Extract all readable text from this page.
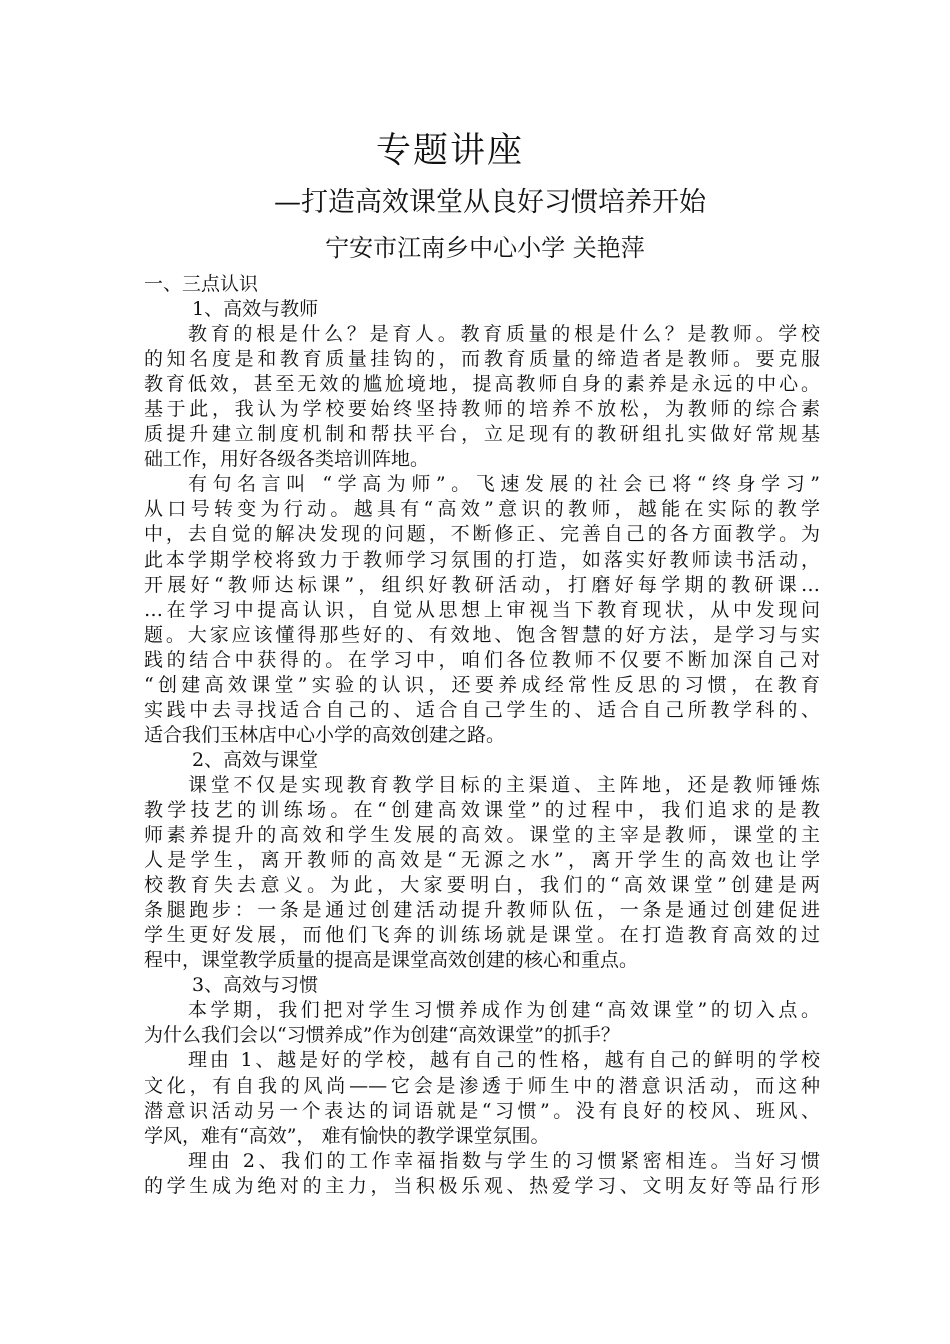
专题讲座
—打造高效课堂从良好习惯培养开始
宁安市江南乡中心小学 关艳萍
一、三点认识
1、高效与教师
教育的根是什么？是育人。教育质量的根是什么？是教师。学校
的知名度是和教育质量挂钩的，而教育质量的缔造者是教师。要克服
教育低效，甚至无效的尴尬境地，提高教师自身的素养是永远的中心。
基于此，我认为学校要始终坚持教师的培养不放松，为教师的综合素
质提升建立制度机制和帮扶平台，立足现有的教研组扎实做好常规基
础工作，用好各级各类培训阵地。
有句名言叫 “学高为师”。飞速发展的社会已将“终身学习”
从口号转变为行动。越具有“高效”意识的教师，越能在实际的教学
中，去自觉的解决发现的问题，不断修正、完善自己的各方面教学。为
此本学期学校将致力于教师学习氛围的打造，如落实好教师读书活动，
开展好“教师达标课”，组织好教研活动，打磨好每学期的教研课…
…在学习中提高认识，自觉从思想上审视当下教育现状，从中发现问
题。大家应该懂得那些好的、有效地、饱含智慧的好方法，是学习与实
践的结合中获得的。在学习中，咱们各位教师不仅要不断加深自己对
“创建高效课堂”实验的认识，还要养成经常性反思的习惯，在教育
实践中去寻找适合自己的、适合自己学生的、适合自己所教学科的、
适合我们玉林店中心小学的高效创建之路。
2、高效与课堂
课堂不仅是实现教育教学目标的主渠道、主阵地，还是教师锤炼
教学技艺的训练场。在“创建高效课堂”的过程中，我们追求的是教
师素养提升的高效和学生发展的高效。课堂的主宰是教师，课堂的主
人是学生，离开教师的高效是“无源之水”，离开学生的高效也让学
校教育失去意义。为此，大家要明白，我们的“高效课堂”创建是两
条腿跑步：一条是通过创建活动提升教师队伍，一条是通过创建促进
学生更好发展，而他们飞奔的训练场就是课堂。在打造教育高效的过
程中，课堂教学质量的提高是课堂高效创建的核心和重点。
3、高效与习惯
本学期，我们把对学生习惯养成作为创建“高效课堂”的切入点。
为什么我们会以“习惯养成”作为创建“高效课堂”的抓手？
理由 1、越是好的学校，越有自己的性格，越有自己的鲜明的学校
文化，有自我的风尚——它会是渗透于师生中的潜意识活动，而这种
潜意识活动另一个表达的词语就是“习惯”。没有良好的校风、班风、
学风，难有“高效”， 难有愉快的教学课堂氛围。
理由 2、我们的工作幸福指数与学生的习惯紧密相连。当好习惯
的学生成为绝对的主力，当积极乐观、热爱学习、文明友好等品行形
